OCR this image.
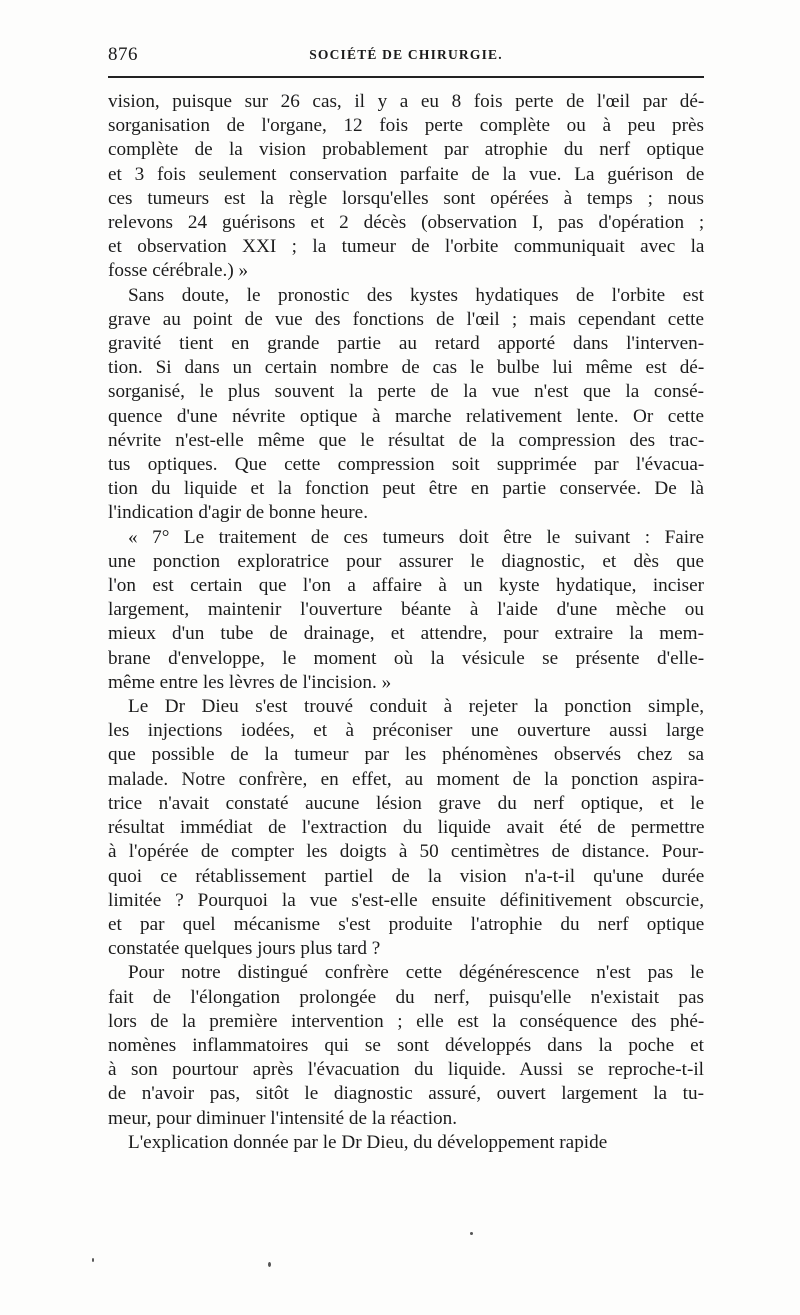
876	SOCIÉTÉ DE CHIRURGIE.

vision, puisque sur 26 cas, il y a eu 8 fois perte de l'œil par dé-
sorganisation de l'organe, 12 fois perte complète ou à peu près
complète de la vision probablement par atrophie du nerf optique
et 3 fois seulement conservation parfaite de la vue. La guérison de
ces tumeurs est la règle lorsqu'elles sont opérées à temps ; nous
relevons 24 guérisons et 2 décès (observation I, pas d'opération ;
et observation XXI ; la tumeur de l'orbite communiquait avec la
fosse cérébrale.) »

Sans doute, le pronostic des kystes hydatiques de l'orbite est
grave au point de vue des fonctions de l'œil ; mais cependant cette
gravité tient en grande partie au retard apporté dans l'interven-
tion. Si dans un certain nombre de cas le bulbe lui même est dé-
sorganisé, le plus souvent la perte de la vue n'est que la consé-
quence d'une névrite optique à marche relativement lente. Or cette
névrite n'est-elle même que le résultat de la compression des trac-
tus optiques. Que cette compression soit supprimée par l'évacua-
tion du liquide et la fonction peut être en partie conservée. De là
l'indication d'agir de bonne heure.

« 7° Le traitement de ces tumeurs doit être le suivant : Faire
une ponction exploratrice pour assurer le diagnostic, et dès que
l'on est certain que l'on a affaire à un kyste hydatique, inciser
largement, maintenir l'ouverture béante à l'aide d'une mèche ou
mieux d'un tube de drainage, et attendre, pour extraire la mem-
brane d'enveloppe, le moment où la vésicule se présente d'elle-
même entre les lèvres de l'incision. »

Le Dr Dieu s'est trouvé conduit à rejeter la ponction simple,
les injections iodées, et à préconiser une ouverture aussi large
que possible de la tumeur par les phénomènes observés chez sa
malade. Notre confrère, en effet, au moment de la ponction aspira-
trice n'avait constaté aucune lésion grave du nerf optique, et le
résultat immédiat de l'extraction du liquide avait été de permettre
à l'opérée de compter les doigts à 50 centimètres de distance. Pour-
quoi ce rétablissement partiel de la vision n'a-t-il qu'une durée
limitée ? Pourquoi la vue s'est-elle ensuite définitivement obscurcie,
et par quel mécanisme s'est produite l'atrophie du nerf optique
constatée quelques jours plus tard ?

Pour notre distingué confrère cette dégénérescence n'est pas le
fait de l'élongation prolongée du nerf, puisqu'elle n'existait pas
lors de la première intervention ; elle est la conséquence des phé-
nomènes inflammatoires qui se sont développés dans la poche et
à son pourtour après l'évacuation du liquide. Aussi se reproche-t-il
de n'avoir pas, sitôt le diagnostic assuré, ouvert largement la tu-
meur, pour diminuer l'intensité de la réaction.

L'explication donnée par le Dr Dieu, du développement rapide
